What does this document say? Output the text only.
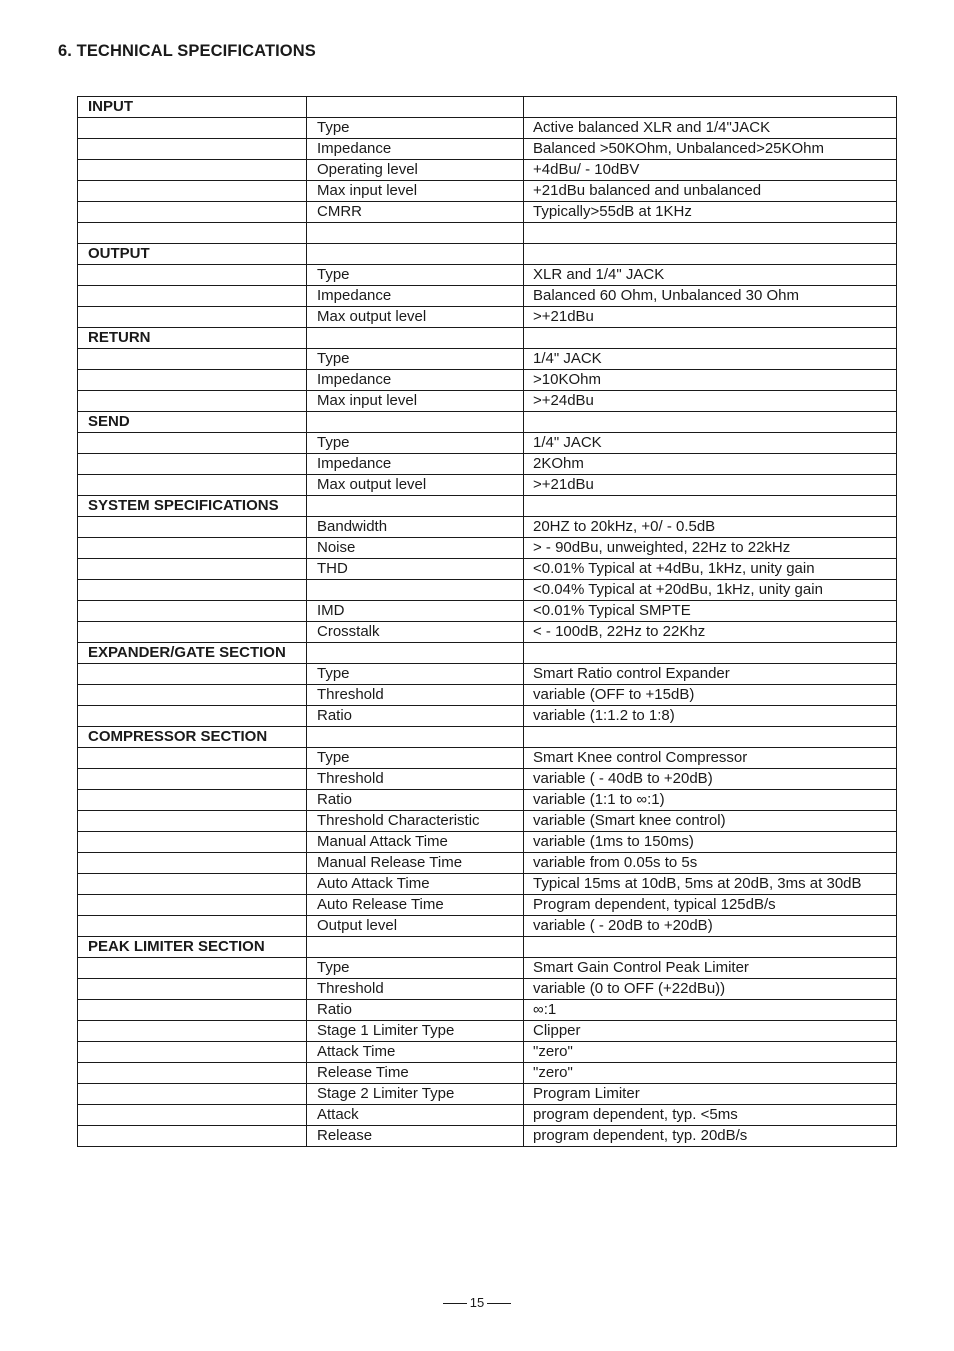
6. TECHNICAL SPECIFICATIONS
INPUT		
	Type	Active balanced XLR and 1/4"JACK
	Impedance	Balanced >50KOhm, Unbalanced>25KOhm
	Operating level	+4dBu/ - 10dBV
	Max input level	+21dBu balanced and unbalanced
	CMRR	Typically>55dB at 1KHz

OUTPUT		
	Type	XLR and 1/4" JACK
	Impedance	Balanced 60 Ohm, Unbalanced 30 Ohm
	Max output level	>+21dBu
RETURN		
	Type	1/4" JACK
	Impedance	>10KOhm
	Max input level	>+24dBu
SEND		
	Type	1/4" JACK
	Impedance	2KOhm
	Max output level	>+21dBu
SYSTEM SPECIFICATIONS		
	Bandwidth	20HZ to 20kHz, +0/ - 0.5dB
	Noise	> - 90dBu, unweighted, 22Hz to 22kHz
	THD	<0.01% Typical at +4dBu, 1kHz, unity gain
		<0.04% Typical at +20dBu, 1kHz, unity gain
	IMD	<0.01% Typical SMPTE
	Crosstalk	< - 100dB, 22Hz to 22Khz
EXPANDER/GATE SECTION		
	Type	Smart Ratio control Expander
	Threshold	variable (OFF to +15dB)
	Ratio	variable (1:1.2 to 1:8)
COMPRESSOR SECTION		
	Type	Smart Knee control Compressor
	Threshold	variable ( - 40dB to +20dB)
	Ratio	variable (1:1 to ∞:1)
	Threshold Characteristic	variable (Smart knee control)
	Manual Attack Time	variable (1ms to 150ms)
	Manual Release Time	variable from 0.05s to 5s
	Auto Attack Time	Typical 15ms at 10dB, 5ms at 20dB, 3ms at 30dB
	Auto Release Time	Program dependent, typical 125dB/s
	Output level	variable ( - 20dB to +20dB)
PEAK LIMITER SECTION		
	Type	Smart Gain Control Peak Limiter
	Threshold	variable (0 to OFF (+22dBu))
	Ratio	∞:1
	Stage 1 Limiter Type	Clipper
	Attack Time	"zero"
	Release Time	"zero"
	Stage 2 Limiter Type	Program Limiter
	Attack	program dependent, typ. <5ms
	Release	program dependent, typ. 20dB/s
15
